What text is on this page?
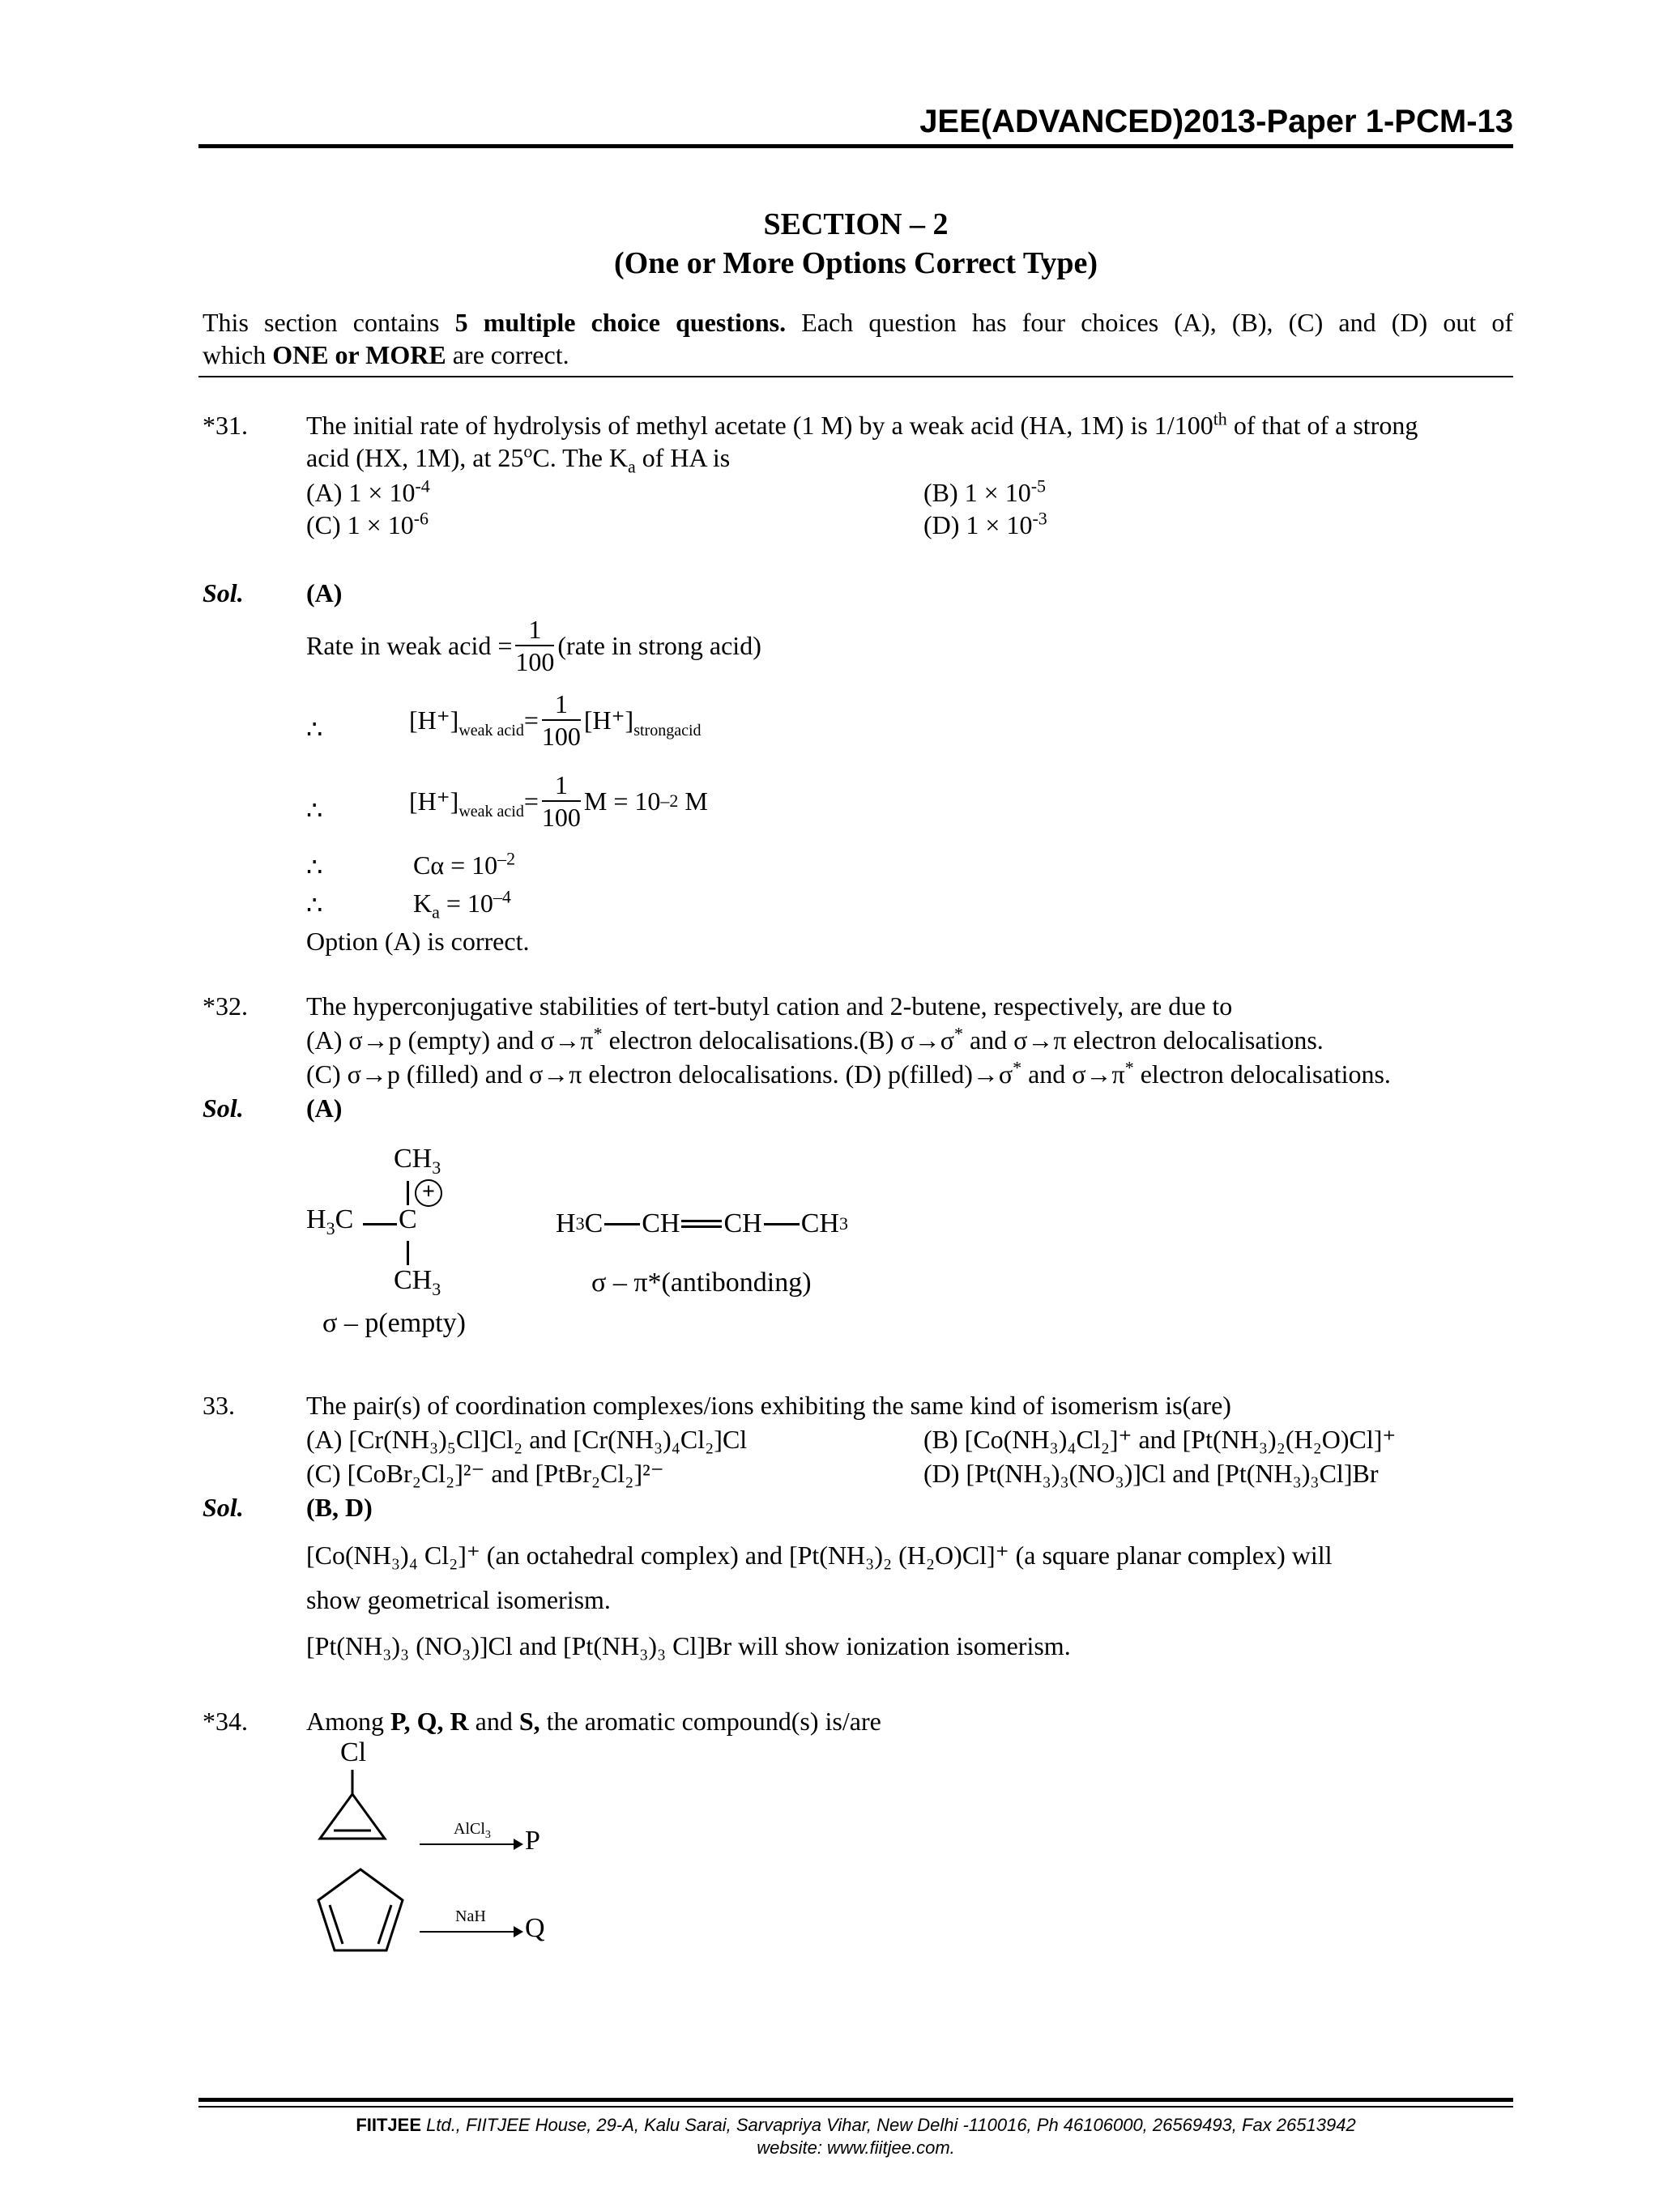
JEE(ADVANCED)2013-Paper 1-PCM-13
SECTION – 2
(One or More Options Correct Type)
This section contains 5 multiple choice questions. Each question has four choices (A), (B), (C) and (D) out of
which ONE or MORE are correct.
*31. The initial rate of hydrolysis of methyl acetate (1 M) by a weak acid (HA, 1M) is 1/100th of that of a strong
acid (HX, 1M), at 25$^o$C. The $K_a$ of HA is
(A) $1 \times 10^{-4}$	(B) $1 \times 10^{-5}$
(C) $1 \times 10^{-6}$	(D) $1 \times 10^{-3}$
Sol. (A)
Rate in weak acid = $\frac{1}{100}$ (rate in strong acid)
∴	[H⁺] weak acid = $\frac{1}{100} [H^+]$ strongacid
∴	[H⁺] weak acid = $\frac{1}{100}$ M = 10 –2
M
∴	$C\alpha = 10^{-2}$
∴	$K_a = 10^{-4}$
Option (A) is correct.
*32. The hyperconjugative stabilities of tert-butyl cation and 2-butene, respectively, are due to
(A) σ→p (empty) and σ→π* electron delocalisations.(B) σ→σ* and σ→π electron delocalisations.
(C) σ→p (filled) and σ→π electron delocalisations. (D) p(filled)→σ* and σ→π* electron delocalisations.
Sol. (A)
$CH_3$
+
$H_3C$ C
$CH_3$
σ – p(empty)
H 3 C CH CH CH 3
σ – π*(antibonding)
33.	The pair(s) of coordination complexes/ions exhibiting the same kind of isomerism is(are)
(A) [Cr(NH₃)₅Cl]Cl₂ and [Cr(NH₃)₄Cl₂]Cl	(B) [Co(NH₃)₄Cl₂]⁺ and [Pt(NH₃)₂(H₂O)Cl]⁺
(C) [CoBr₂Cl₂]²⁻ and [PtBr₂Cl₂]²⁻	(D) [Pt(NH₃)₃(NO₃)]Cl and [Pt(NH₃)₃Cl]Br
Sol. (B, D)
[Co(NH₃)₄ Cl₂]⁺ (an octahedral complex) and [Pt(NH₃)₂ (H₂O)Cl]⁺ (a square planar complex) will
show geometrical isomerism.
[Pt(NH₃)₃ (NO₃)]Cl and [Pt(NH₃)₃ Cl]Br will show ionization isomerism.
*34. Among P, Q, R and S, the aromatic compound(s) is/are
Cl
AlCl$_3$ P
NaH Q
FIITJEE Ltd., FIITJEE House, 29-A, Kalu Sarai, Sarvapriya Vihar, New Delhi -110016, Ph 46106000, 26569493, Fax 26513942
website: www.fiitjee.com.
